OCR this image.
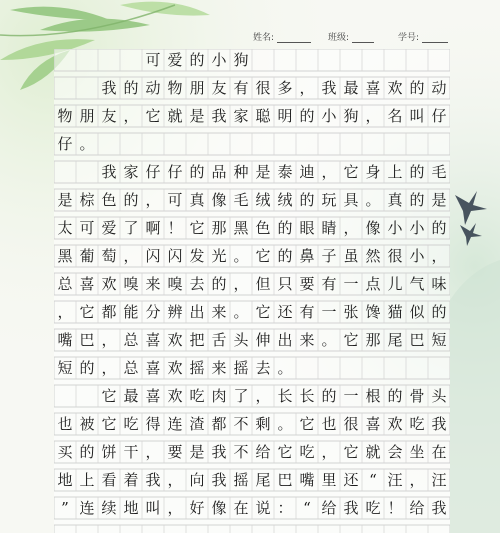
姓名:	班级:	学号:
可 爱 的 小 狗
我 的 动 物 朋 友 有 很 多 ， 我 最 喜 欢 的 动
物 朋 友 ， 它 就 是 我 家 聪 明 的 小 狗 ， 名 叫 仔
仔 。
我 家 仔 仔 的 品 种 是 泰 迪 ， 它 身 上 的 毛
是 棕 色 的 ， 可 真 像 毛 绒 绒 的 玩 具 。 真 的 是
太 可 爱 了 啊 ！ 它 那 黑 色 的 眼 睛 ， 像 小 小 的
黑 葡 萄 ， 闪 闪 发 光 。 它 的 鼻 子 虽 然 很 小 ，
总 喜 欢 嗅 来 嗅 去 的 ， 但 只 要 有 一 点 儿 气 味
， 它 都 能 分 辨 出 来 。 它 还 有 一 张 馋 猫 似 的
嘴 巴 ， 总 喜 欢 把 舌 头 伸 出 来 。 它 那 尾 巴 短
短 的 ， 总 喜 欢 摇 来 摇 去 。
它 最 喜 欢 吃 肉 了 ， 长 长 的 一 根 的 骨 头
也 被 它 吃 得 连 渣 都 不 剩 。 它 也 很 喜 欢 吃 我
买 的 饼 干 ， 要 是 我 不 给 它 吃 ， 它 就 会 坐 在
地 上 看 着 我 ， 向 我 摇 尾 巴 嘴 里 还 “ 汪 ， 汪
” 连 续 地 叫 ， 好 像 在 说 ： “ 给 我 吃 ！ 给 我
